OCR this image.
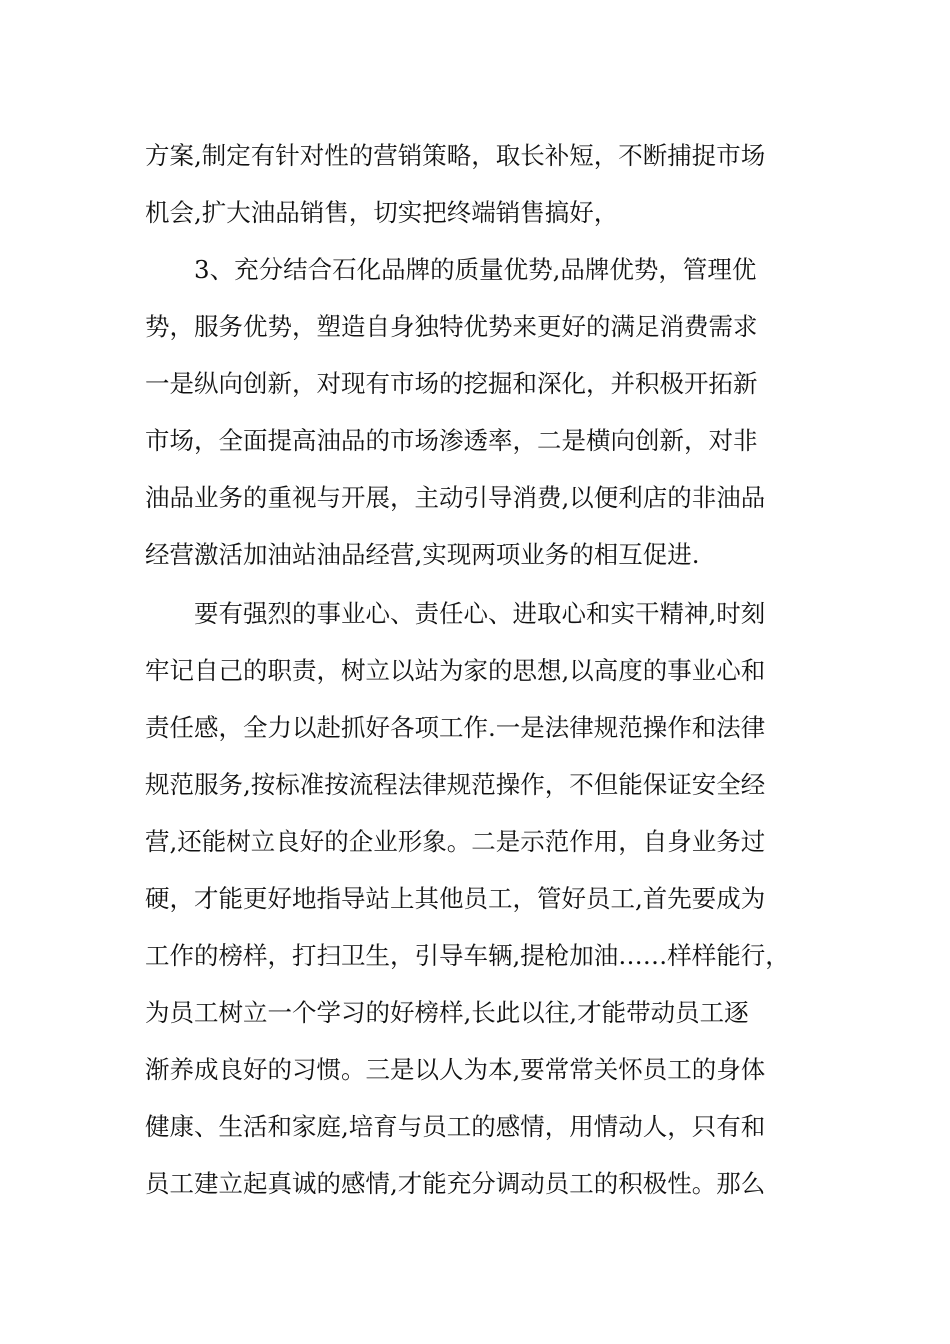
方案,制定有针对性的营销策略，取长补短，不断捕捉市场
机会,扩大油品销售，切实把终端销售搞好，
3、充分结合石化品牌的质量优势,品牌优势，管理优
势，服务优势，塑造自身独特优势来更好的满足消费需求
一是纵向创新，对现有市场的挖掘和深化，并积极开拓新
市场，全面提高油品的市场渗透率，二是横向创新，对非
油品业务的重视与开展，主动引导消费,以便利店的非油品
经营激活加油站油品经营,实现两项业务的相互促进.
要有强烈的事业心、责任心、进取心和实干精神,时刻
牢记自己的职责，树立以站为家的思想,以高度的事业心和
责任感，全力以赴抓好各项工作.一是法律规范操作和法律
规范服务,按标准按流程法律规范操作，不但能保证安全经
营,还能树立良好的企业形象。二是示范作用，自身业务过
硬，才能更好地指导站上其他员工，管好员工,首先要成为
工作的榜样，打扫卫生，引导车辆,提枪加油……样样能行，
为员工树立一个学习的好榜样,长此以往,才能带动员工逐
渐养成良好的习惯。三是以人为本,要常常关怀员工的身体
健康、生活和家庭,培育与员工的感情，用情动人，只有和
员工建立起真诚的感情,才能充分调动员工的积极性。那么
